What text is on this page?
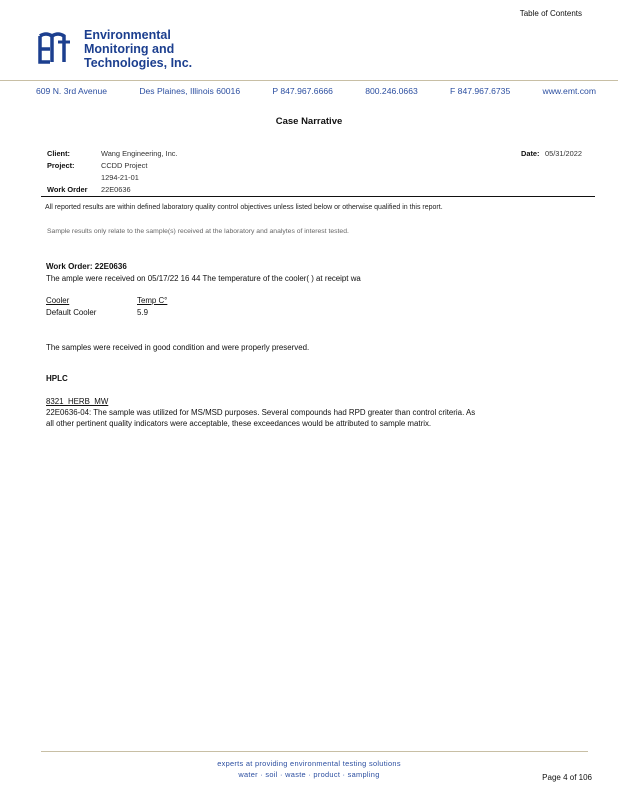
Table of Contents
Environmental
Monitoring and
Technologies, Inc.
609 N. 3rd Avenue	Des Plaines, Illinois 60016	P 847.967.6666	800.246.0663	F 847.967.6735	www.emt.com
Case Narrative
Client:	Wang Engineering, Inc.
Project:	CCDD Project
1294-21-01
Work Order 22E0636
Date: 05/31/2022
All reported results are within defined laboratory quality control objectives unless listed below or otherwise qualified in this report.
Sample results only relate to the sample(s) received at the laboratory and analytes of interest tested.
Work Order: 22E0636
The ample were received on 05/17/22 16 44 The temperature of the cooler( ) at receipt wa
Cooler	Temp C°
Default Cooler	5.9
The samples were received in good condition and were properly preserved.
HPLC
8321_HERB_MW
22E0636-04: The sample was utilized for MS/MSD purposes. Several compounds had RPD greater than control criteria. As
all other pertinent quality indicators were acceptable, these exceedances would be attributed to sample matrix.
experts at providing environmental testing solutions
water · soil · waste · product · sampling	Page 4 of 106
